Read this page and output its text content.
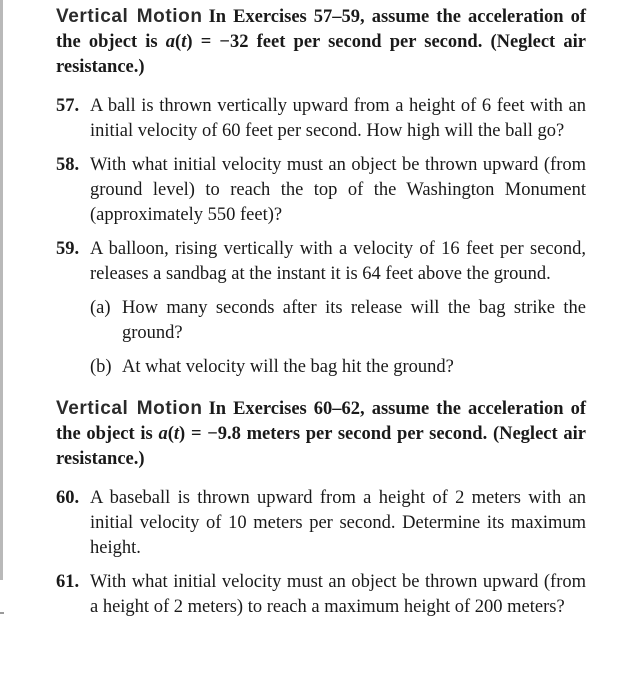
Vertical Motion In Exercises 57–59, assume the acceleration of the object is a(t) = −32 feet per second per second. (Neglect air resistance.)

57. A ball is thrown vertically upward from a height of 6 feet with an initial velocity of 60 feet per second. How high will the ball go?
58. With what initial velocity must an object be thrown upward (from ground level) to reach the top of the Washington Monument (approximately 550 feet)?
59. A balloon, rising vertically with a velocity of 16 feet per second, releases a sandbag at the instant it is 64 feet above the ground.
(a) How many seconds after its release will the bag strike the ground?
(b) At what velocity will the bag hit the ground?

Vertical Motion In Exercises 60–62, assume the acceleration of the object is a(t) = −9.8 meters per second per second. (Neglect air resistance.)

60. A baseball is thrown upward from a height of 2 meters with an initial velocity of 10 meters per second. Determine its maximum height.
61. With what initial velocity must an object be thrown upward (from a height of 2 meters) to reach a maximum height of 200 meters?
